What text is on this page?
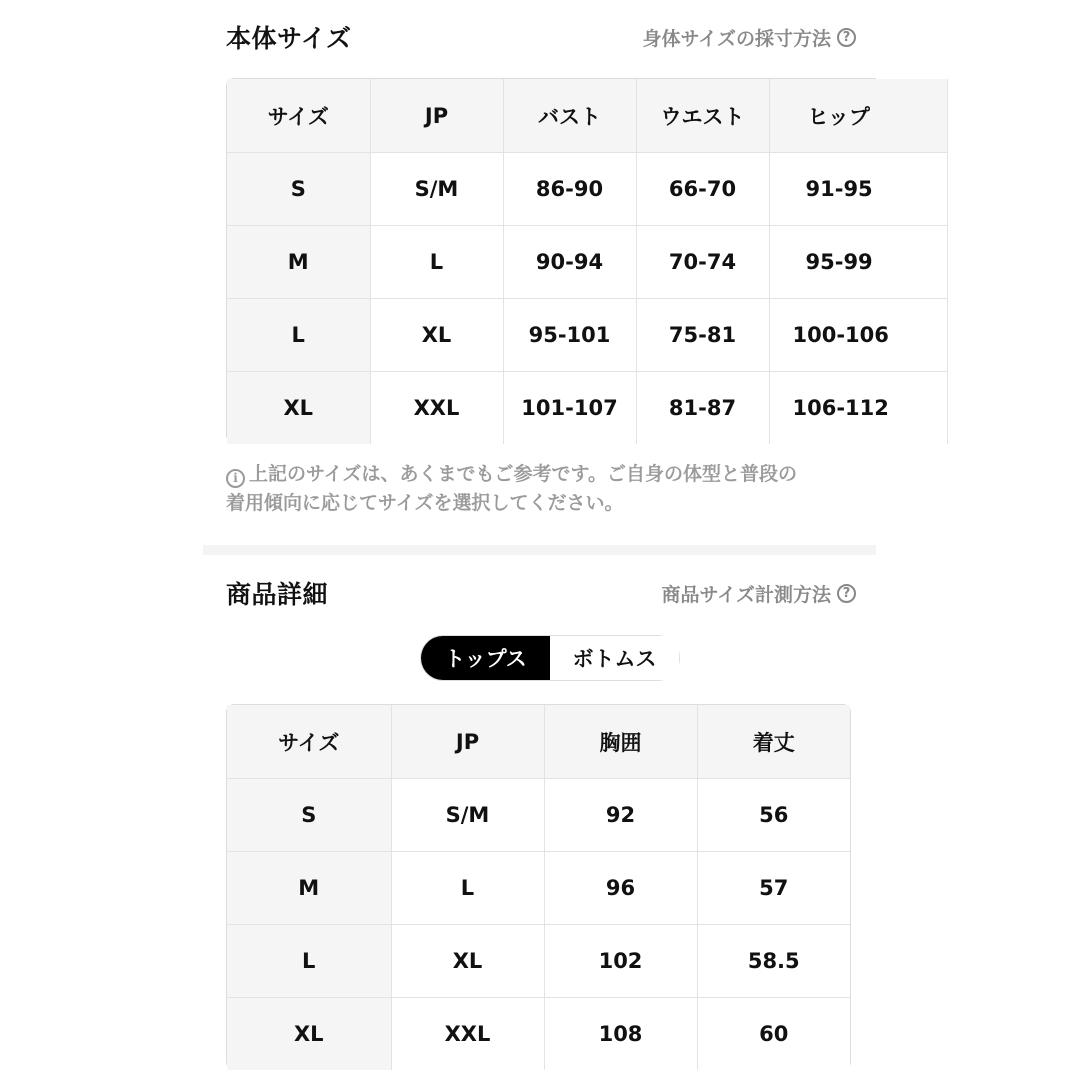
本体サイズ	身体サイズの採寸方法 ?
サイズ	JP	バスト	ウエスト	ヒップ
S	S/M	86-90	66-70	91-95
M	L	90-94	70-74	95-99
L	XL	95-101	75-81	100-106
XL	XXL	101-107	81-87	106-112
i 上記のサイズは、あくまでもご参考です。ご自身の体型と普段の
着用傾向に応じてサイズを選択してください。
商品詳細	商品サイズ計測方法 ?
トップス	ボトムス
サイズ	JP	胸囲	着丈
S	S/M	92	56
M	L	96	57
L	XL	102	58.5
XL	XXL	108	60
